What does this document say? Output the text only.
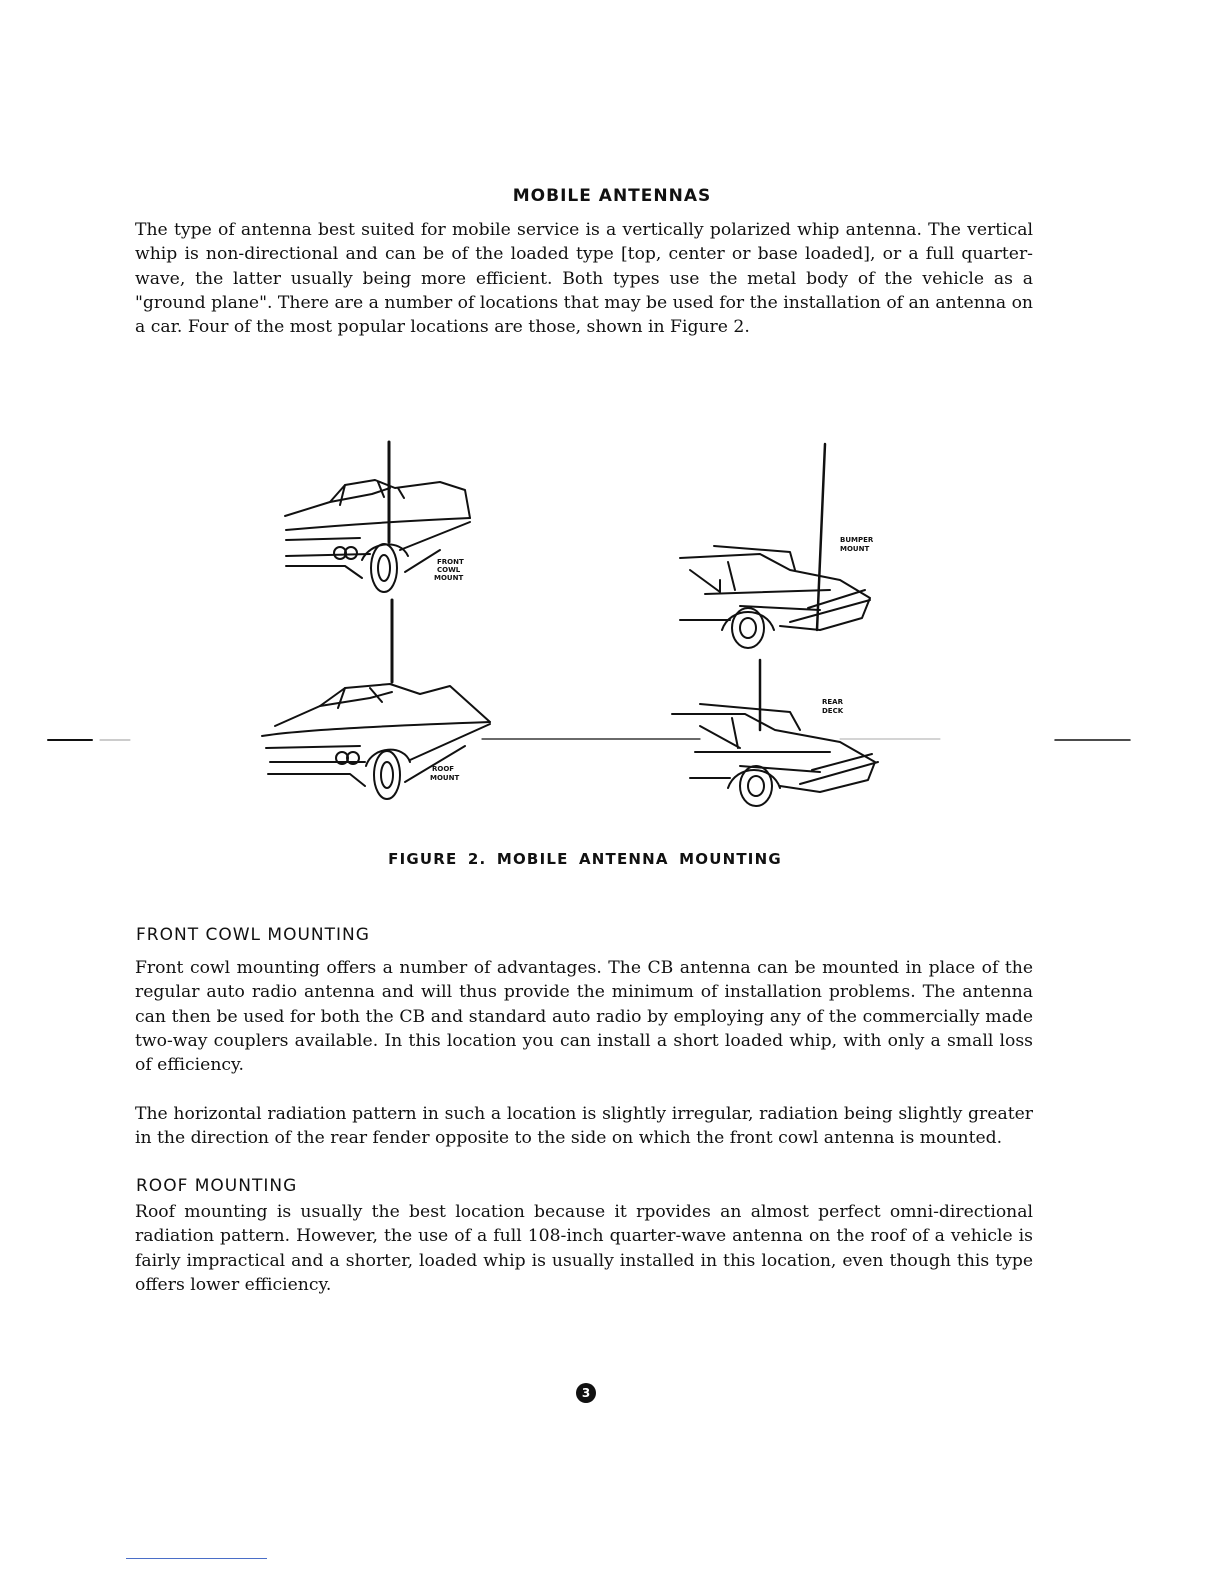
MOBILE ANTENNAS

The type of antenna best suited for mobile service is a vertically polarized whip antenna. The vertical whip is non-directional and can be of the loaded type [top, center or base loaded], or a full quarter-wave, the latter usually being more efficient. Both types use the metal body of the vehicle as a "ground plane". There are a number of locations that may be used for the installation of an antenna on a car. Four of the most popular locations are those, shown in Figure 2.

FRONT
COWL
MOUNT
BUMPER
MOUNT
ROOF
MOUNT
REAR
DECK
FIGURE 2. MOBILE ANTENNA MOUNTING
FRONT COWL MOUNTING

Front cowl mounting offers a number of advantages. The CB antenna can be mounted in place of the regular auto radio antenna and will thus provide the minimum of installation problems. The antenna can then be used for both the CB and standard auto radio by employing any of the commercially made two-way couplers available. In this location you can install a short loaded whip, with only a small loss of efficiency.

The horizontal radiation pattern in such a location is slightly irregular, radiation being slightly greater in the direction of the rear fender opposite to the side on which the front cowl antenna is mounted.

ROOF MOUNTING

Roof mounting is usually the best location because it rpovides an almost perfect omni-directional radiation pattern. However, the use of a full 108-inch quarter-wave antenna on the roof of a vehicle is fairly impractical and a shorter, loaded whip is usually installed in this location, even though this type offers lower efficiency.

3
